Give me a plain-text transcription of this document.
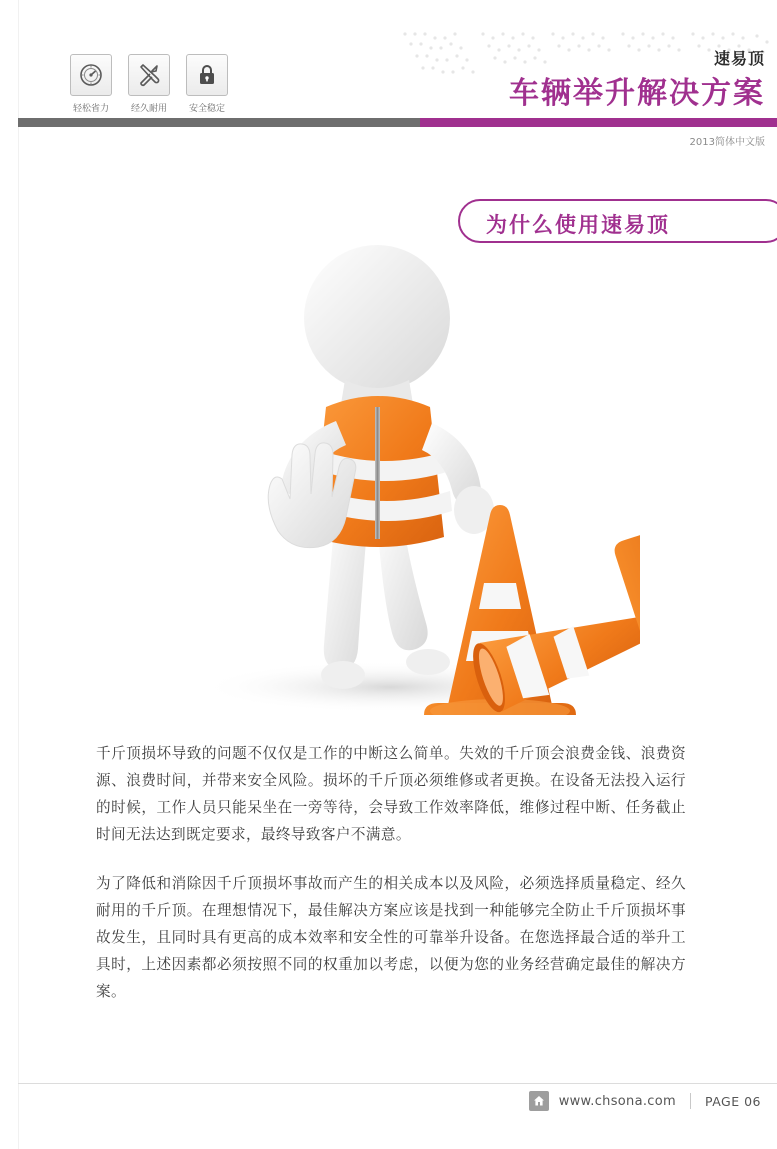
速易顶
车辆举升解决方案
2013简体中文版
轻松省力	经久耐用	安全稳定
为什么使用速易顶

千斤顶损坏导致的问题不仅仅是工作的中断这么简单。失效的千斤顶会浪费金钱、浪费资源、浪费时间，并带来安全风险。损坏的千斤顶必须维修或者更换。在设备无法投入运行的时候，工作人员只能呆坐在一旁等待，会导致工作效率降低，维修过程中断、任务截止时间无法达到既定要求，最终导致客户不满意。

为了降低和消除因千斤顶损坏事故而产生的相关成本以及风险，必须选择质量稳定、经久耐用的千斤顶。在理想情况下，最佳解决方案应该是找到一种能够完全防止千斤顶损坏事故发生，且同时具有更高的成本效率和安全性的可靠举升设备。在您选择最合适的举升工具时，上述因素都必须按照不同的权重加以考虑，以便为您的业务经营确定最佳的解决方案。

www.chsona.com PAGE 06
